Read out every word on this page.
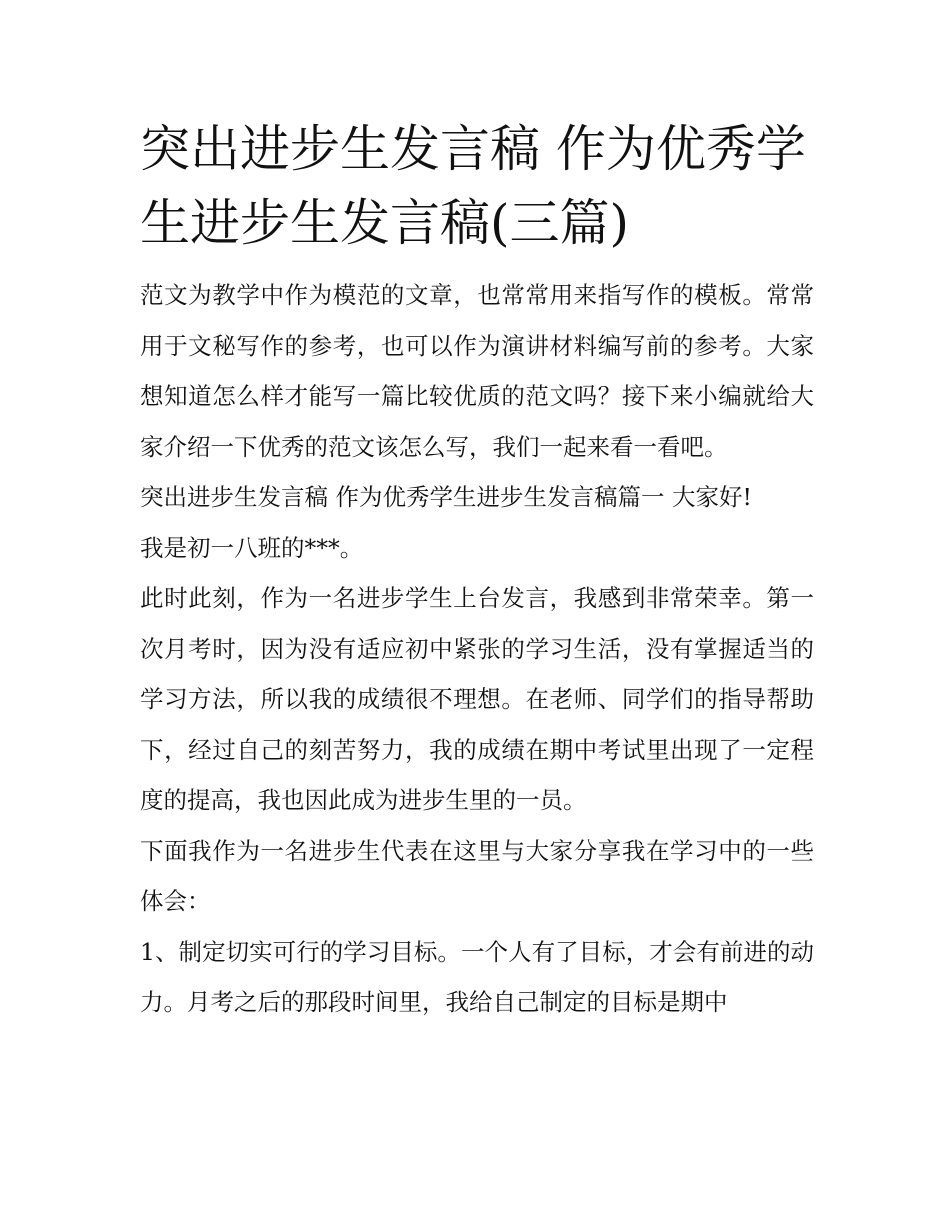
突出进步生发言稿 作为优秀学生进步生发言稿(三篇)

范文为教学中作为模范的文章，也常常用来指写作的模板。常常用于文秘写作的参考，也可以作为演讲材料编写前的参考。大家想知道怎么样才能写一篇比较优质的范文吗？接下来小编就给大家介绍一下优秀的范文该怎么写，我们一起来看一看吧。

突出进步生发言稿 作为优秀学生进步生发言稿篇一 大家好!

我是初一八班的***。

此时此刻，作为一名进步学生上台发言，我感到非常荣幸。第一次月考时，因为没有适应初中紧张的学习生活，没有掌握适当的学习方法，所以我的成绩很不理想。在老师、同学们的指导帮助下，经过自己的刻苦努力，我的成绩在期中考试里出现了一定程度的提高，我也因此成为进步生里的一员。

下面我作为一名进步生代表在这里与大家分享我在学习中的一些体会：

1、制定切实可行的学习目标。一个人有了目标，才会有前进的动力。月考之后的那段时间里，我给自己制定的目标是期中
